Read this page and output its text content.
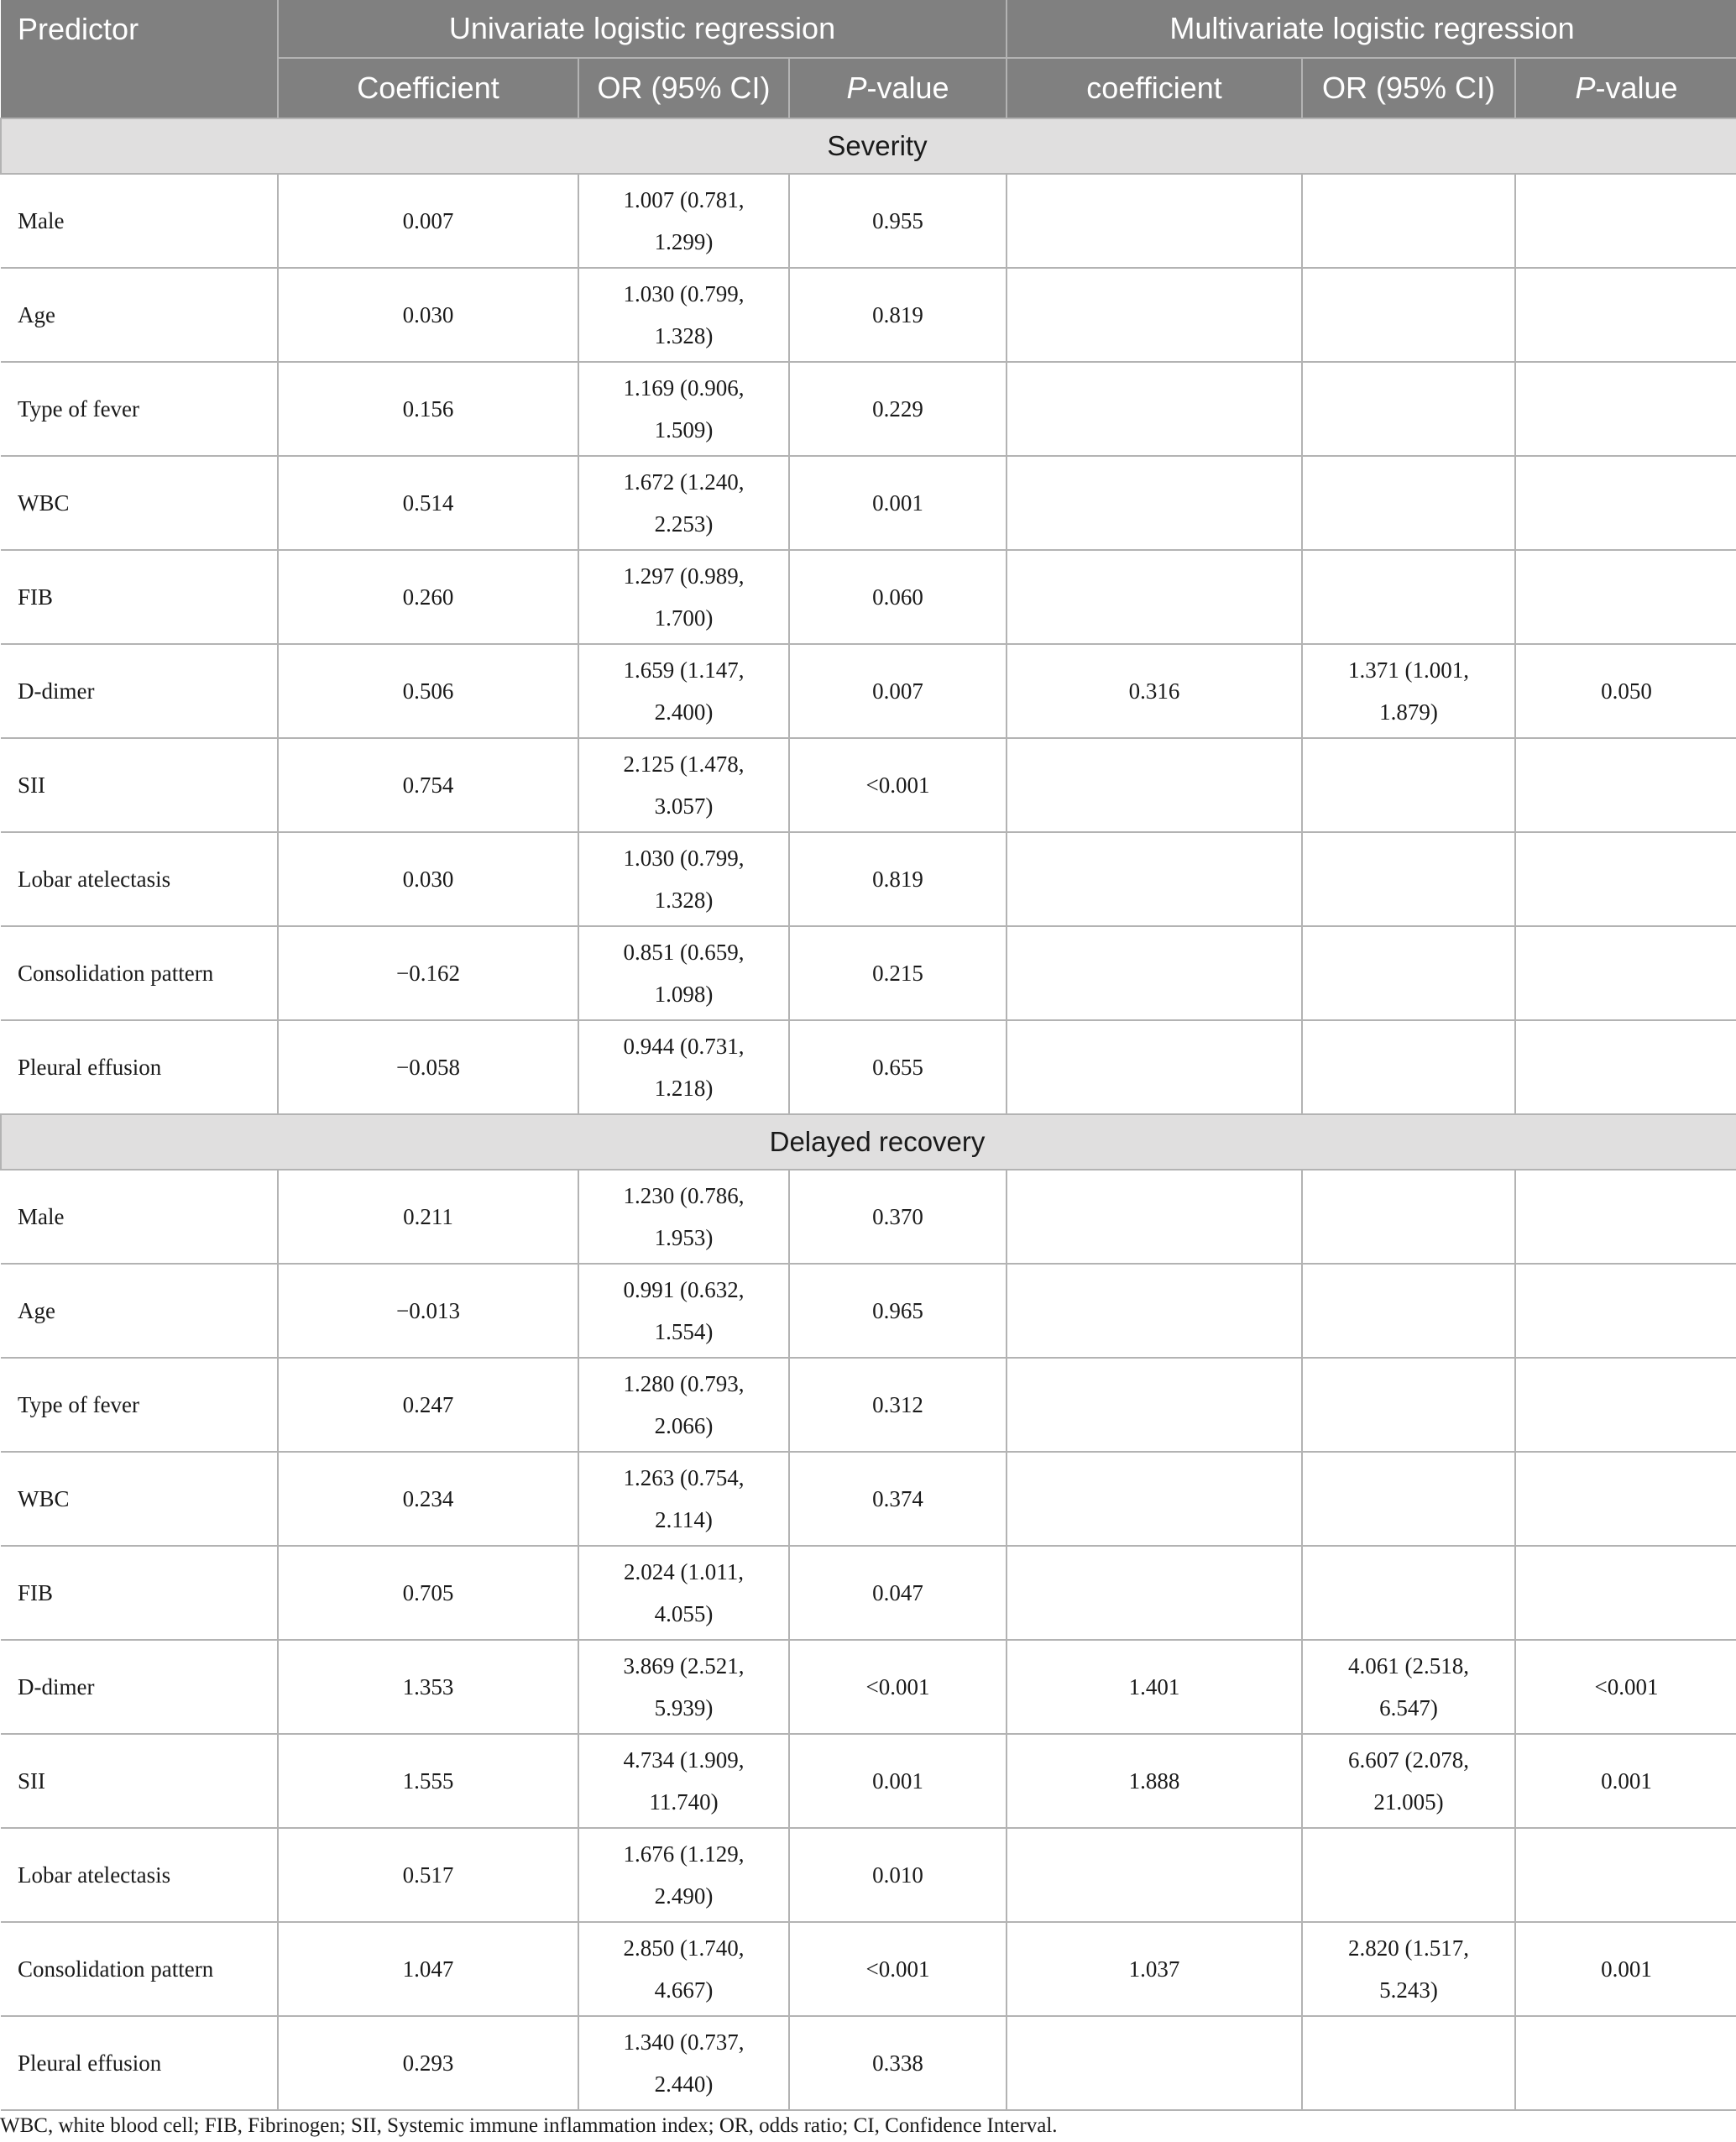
Predictor	Univariate logistic regression			Multivariate logistic regression		
	Coefficient	OR (95% CI)	P-value	coefficient	OR (95% CI)	P-value
Severity						
Male	0.007	1.007 (0.781,
1.299)	0.955			
Age	0.030	1.030 (0.799,
1.328)	0.819			
Type of fever	0.156	1.169 (0.906,
1.509)	0.229			
WBC	0.514	1.672 (1.240,
2.253)	0.001			
FIB	0.260	1.297 (0.989,
1.700)	0.060			
D-dimer	0.506	1.659 (1.147,
2.400)	0.007	0.316	1.371 (1.001,
1.879)	0.050
SII	0.754	2.125 (1.478,
3.057)	<0.001			
Lobar atelectasis	0.030	1.030 (0.799,
1.328)	0.819			
Consolidation pattern	−0.162	0.851 (0.659,
1.098)	0.215			
Pleural effusion	−0.058	0.944 (0.731,
1.218)	0.655			
Delayed recovery						
Male	0.211	1.230 (0.786,
1.953)	0.370			
Age	−0.013	0.991 (0.632,
1.554)	0.965			
Type of fever	0.247	1.280 (0.793,
2.066)	0.312			
WBC	0.234	1.263 (0.754,
2.114)	0.374			
FIB	0.705	2.024 (1.011,
4.055)	0.047			
D-dimer	1.353	3.869 (2.521,
5.939)	<0.001	1.401	4.061 (2.518,
6.547)	<0.001
SII	1.555	4.734 (1.909,
11.740)	0.001	1.888	6.607 (2.078,
21.005)	0.001
Lobar atelectasis	0.517	1.676 (1.129,
2.490)	0.010			
Consolidation pattern	1.047	2.850 (1.740,
4.667)	<0.001	1.037	2.820 (1.517,
5.243)	0.001
Pleural effusion	0.293	1.340 (0.737,
2.440)	0.338			
WBC, white blood cell; FIB, Fibrinogen; SII, Systemic immune inflammation index; OR, odds ratio; CI, Confidence Interval.
